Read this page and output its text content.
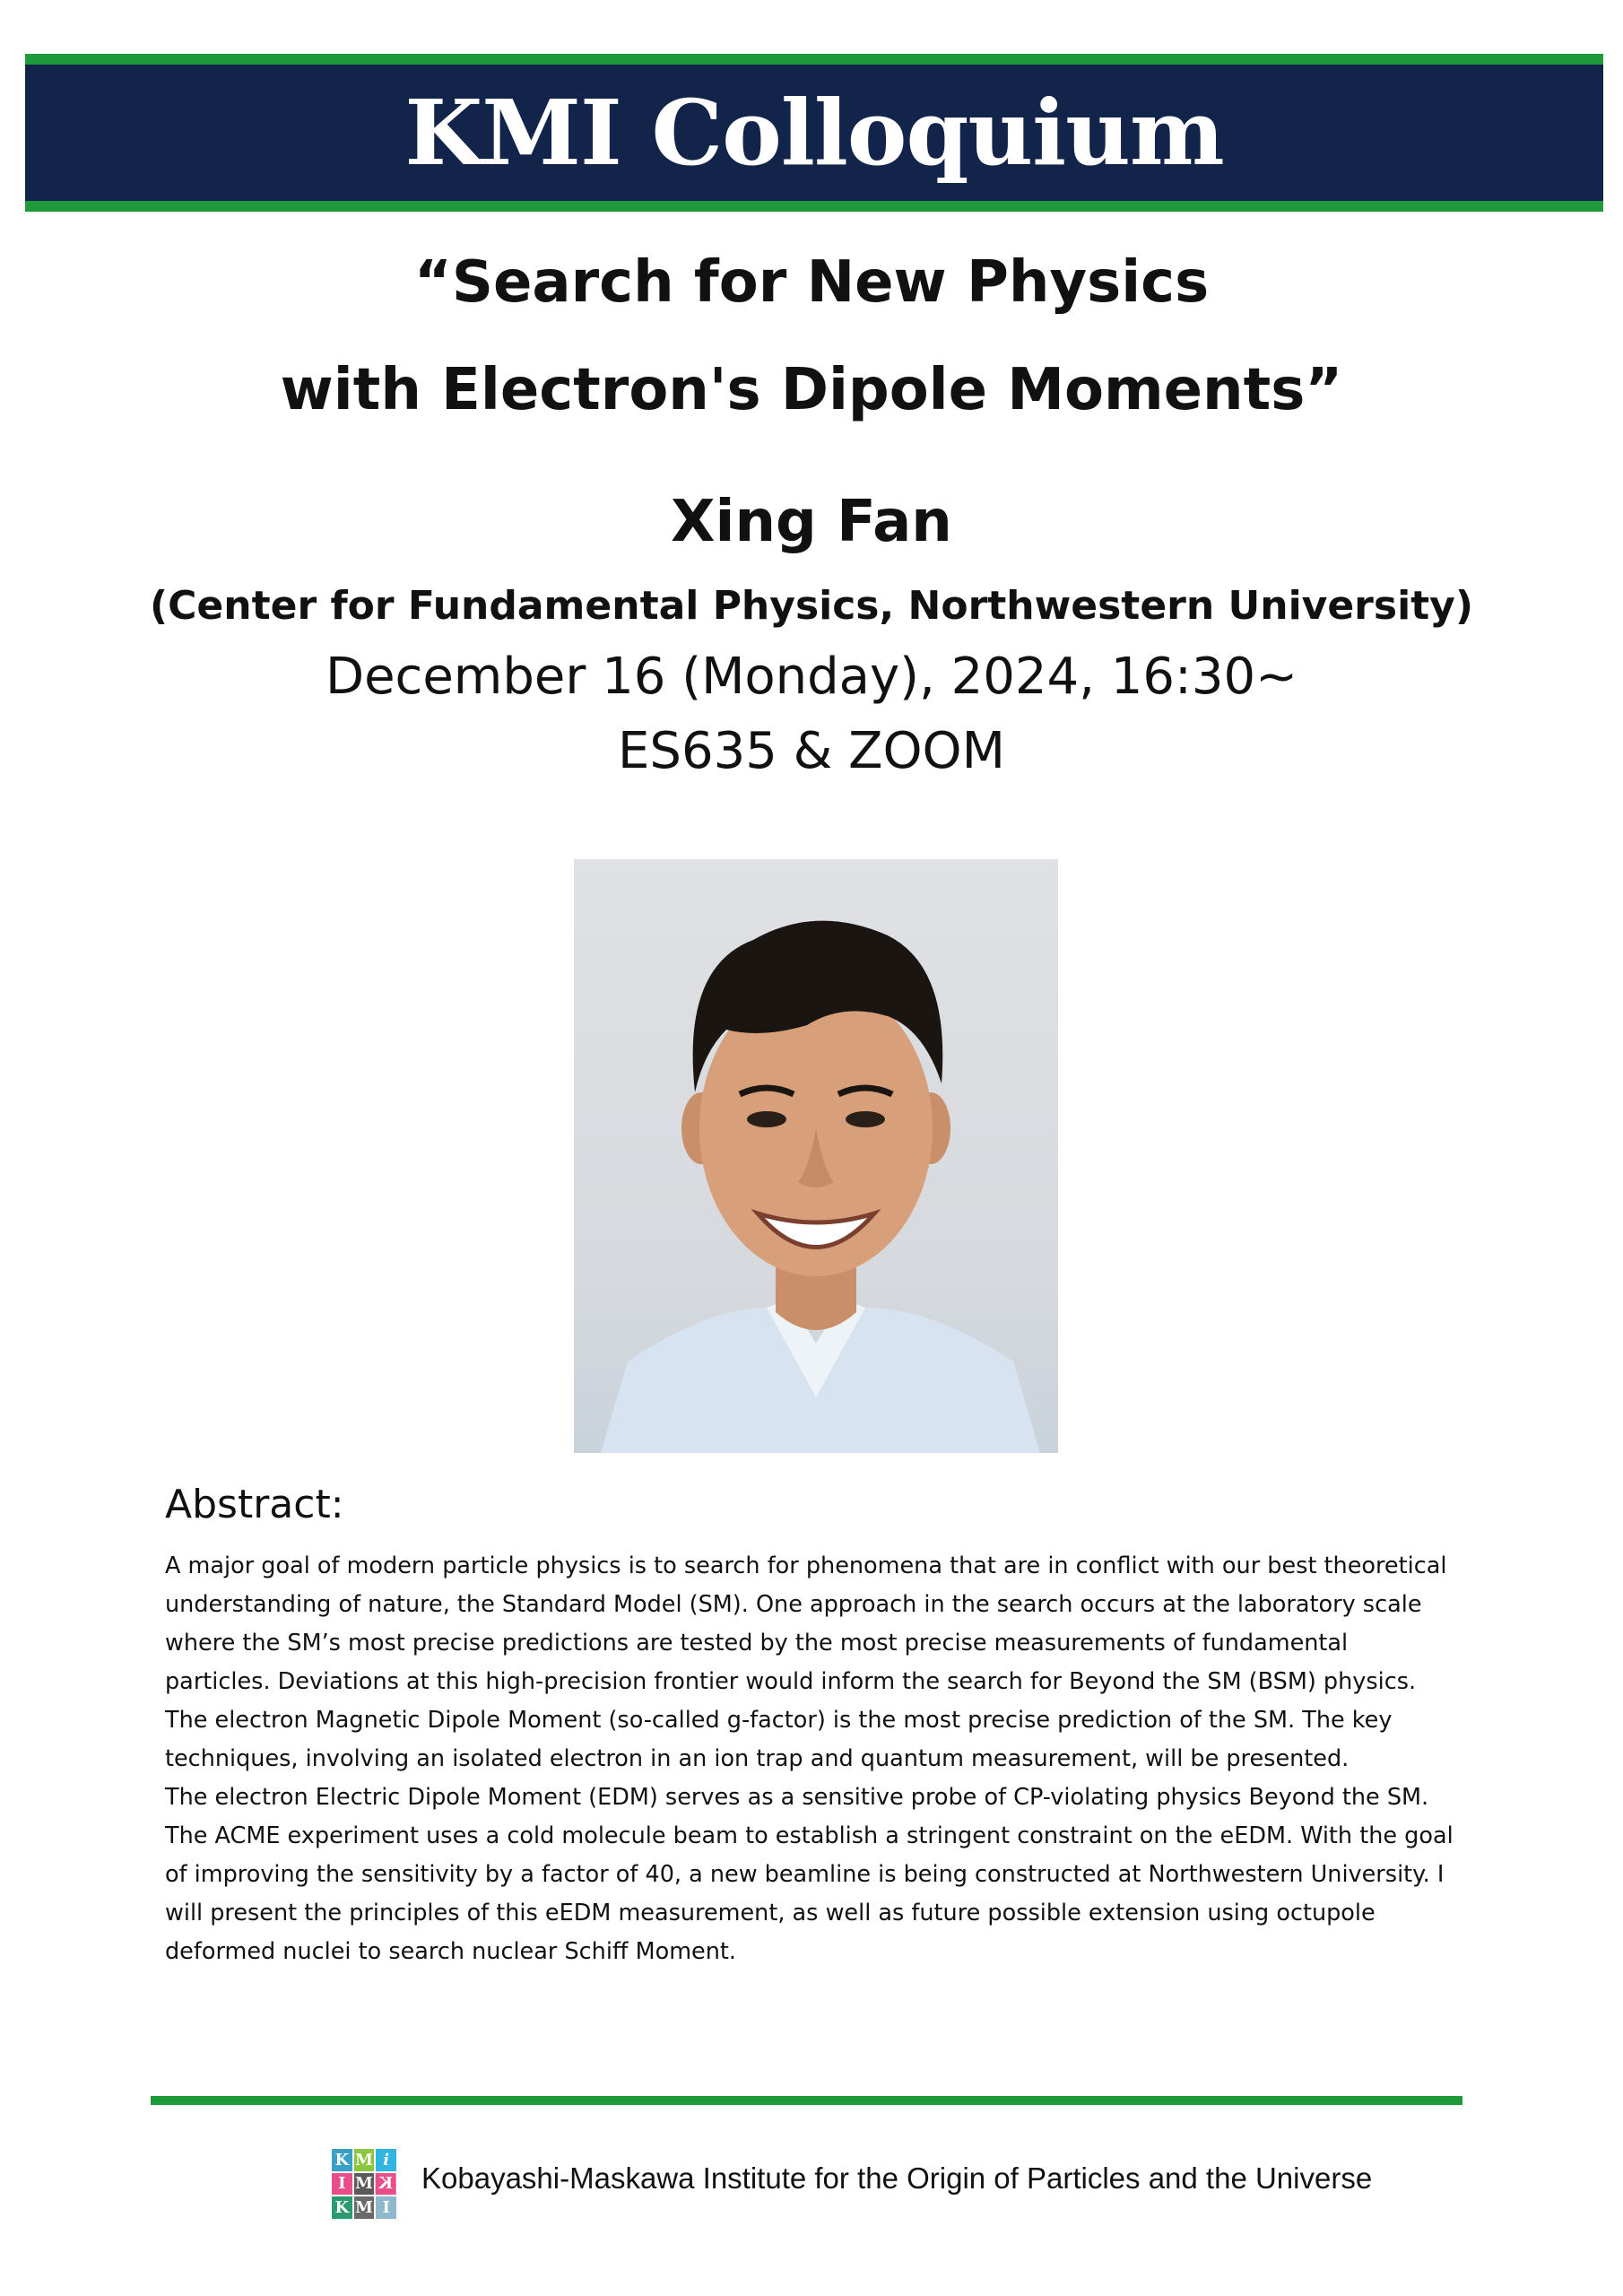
KMI Colloquium
“Search for New Physics
with Electron's Dipole Moments”
Xing Fan
(Center for Fundamental Physics, Northwestern University)
December 16 (Monday), 2024, 16:30~
ES635 & ZOOM
Abstract:

A major goal of modern particle physics is to search for phenomena that are in conflict with our best theoretical understanding of nature, the Standard Model (SM). One approach in the search occurs at the laboratory scale where the SM’s most precise predictions are tested by the most precise measurements of fundamental particles. Deviations at this high-precision frontier would inform the search for Beyond the SM (BSM) physics. The electron Magnetic Dipole Moment (so-called g-factor) is the most precise prediction of the SM. The key techniques, involving an isolated electron in an ion trap and quantum measurement, will be presented.

The electron Electric Dipole Moment (EDM) serves as a sensitive probe of CP-violating physics Beyond the SM. The ACME experiment uses a cold molecule beam to establish a stringent constraint on the eEDM. With the goal of improving the sensitivity by a factor of 40, a new beamline is being constructed at Northwestern University. I will present the principles of this eEDM measurement, as well as future possible extension using octupole deformed nuclei to search nuclear Schiff Moment.

K M i
I M K
K M I
Kobayashi-Maskawa Institute for the Origin of Particles and the Universe
